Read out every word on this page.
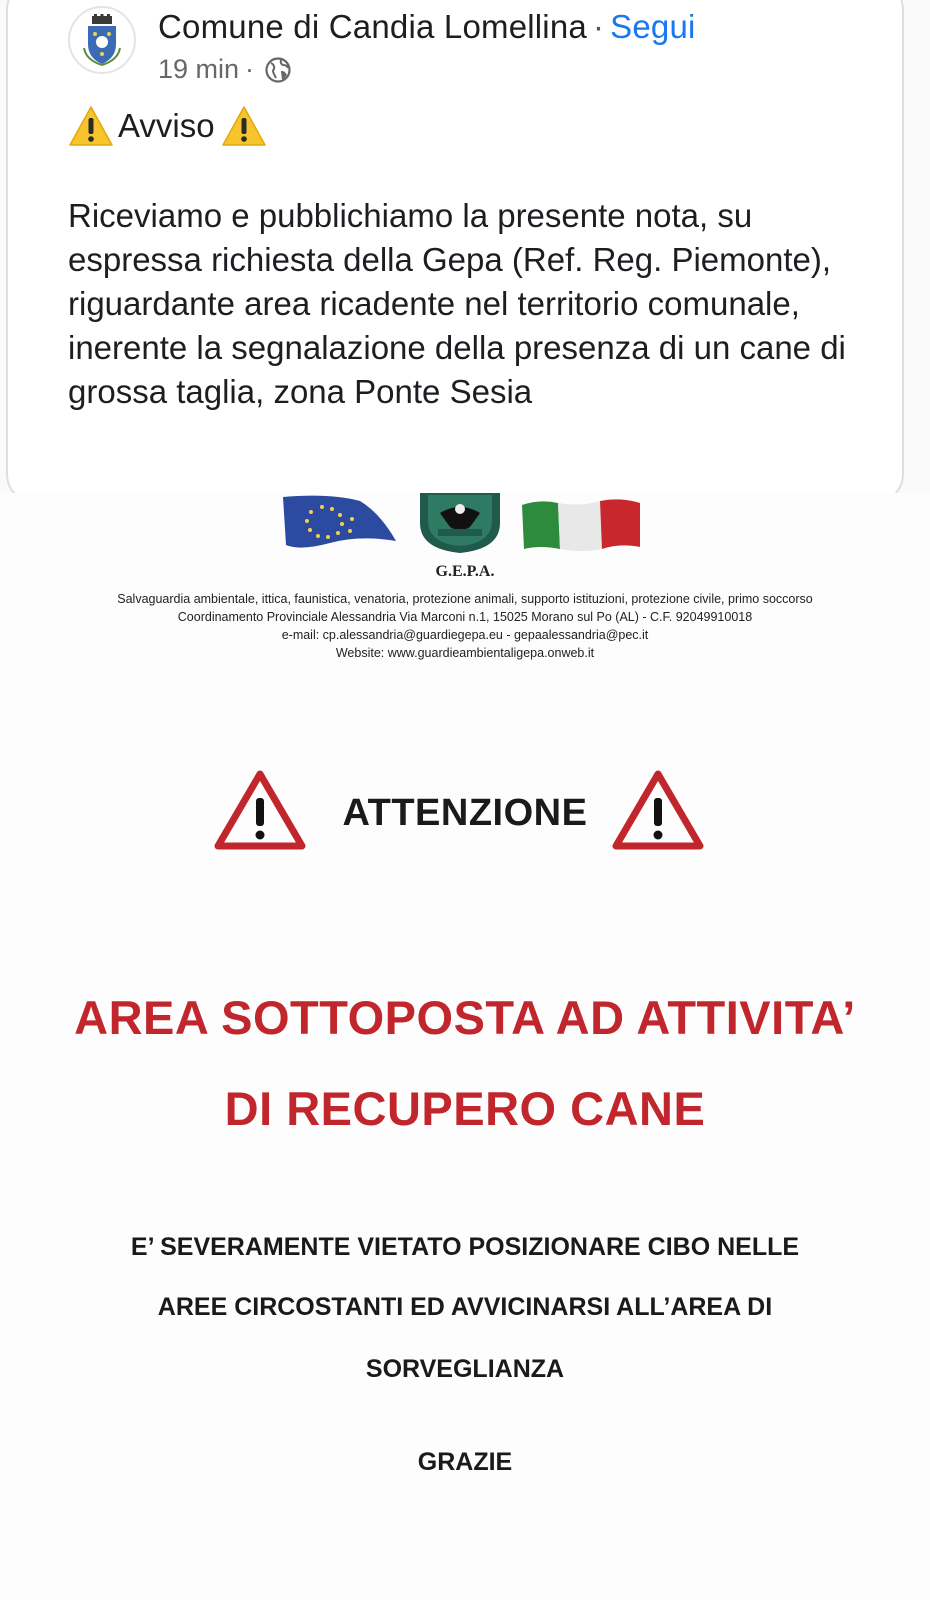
Comune di Candia Lomellina · Segui
19 min ·
Avviso

Riceviamo e pubblichiamo la presente nota, su espressa richiesta della Gepa (Ref. Reg. Piemonte), riguardante area ricadente nel territorio comunale, inerente la segnalazione della presenza di un cane di grossa taglia, zona Ponte Sesia

G.E.P.A.
Salvaguardia ambientale, ittica, faunistica, venatoria, protezione animali, supporto istituzioni, protezione civile, primo soccorso
Coordinamento Provinciale Alessandria Via Marconi n.1, 15025 Morano sul Po (AL) - C.F. 92049910018
e-mail: cp.alessandria@guardiegepa.eu - gepaalessandria@pec.it
Website: www.guardieambientaligepa.onweb.it
ATTENZIONE
AREA SOTTOPOSTA AD ATTIVITA’
DI RECUPERO CANE
E’ SEVERAMENTE VIETATO POSIZIONARE CIBO NELLE
AREE CIRCOSTANTI ED AVVICINARSI ALL’AREA DI
SORVEGLIANZA
GRAZIE
